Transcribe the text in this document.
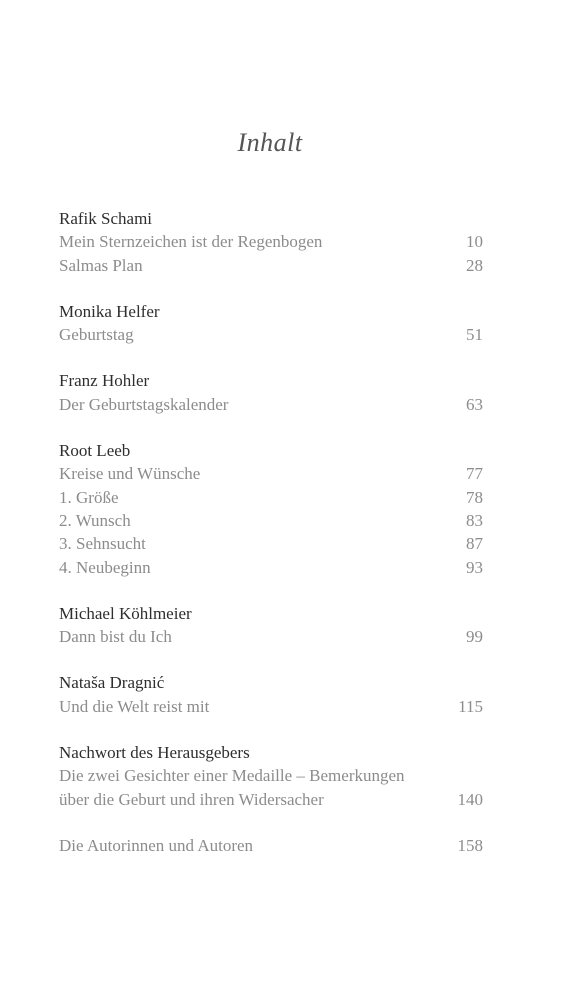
Inhalt
Rafik Schami
Mein Sternzeichen ist der Regenbogen	10
Salmas Plan	28
Monika Helfer
Geburtstag	51
Franz Hohler
Der Geburtstagskalender	63
Root Leeb
Kreise und Wünsche	77
1. Größe	78
2. Wunsch	83
3. Sehnsucht	87
4. Neubeginn	93
Michael Köhlmeier
Dann bist du Ich	99
Nataša Dragnić
Und die Welt reist mit	115
Nachwort des Herausgebers
Die zwei Gesichter einer Medaille – Bemerkungen
über die Geburt und ihren Widersacher	140
Die Autorinnen und Autoren	158
